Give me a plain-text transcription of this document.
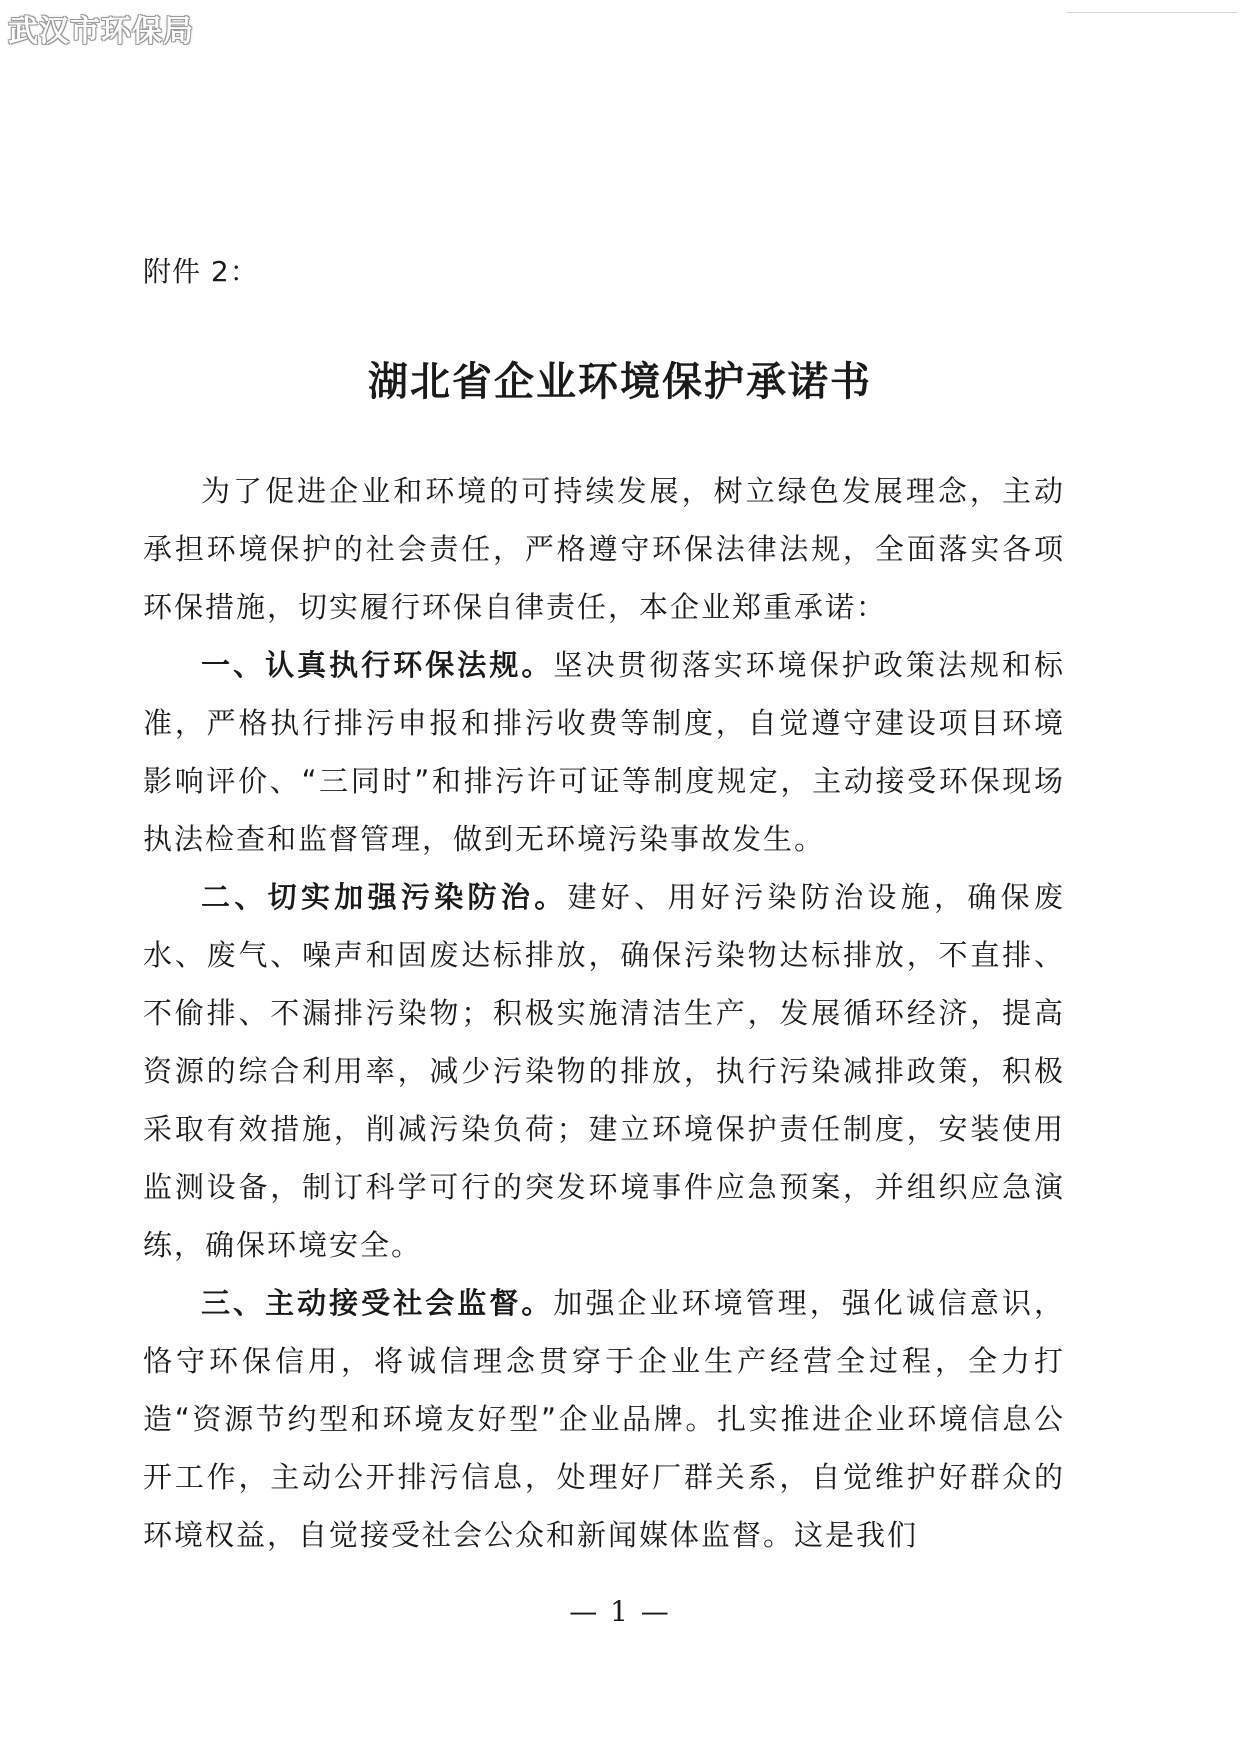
武汉市环保局
附件 2：
湖北省企业环境保护承诺书

为了促进企业和环境的可持续发展，树立绿色发展理念，主动承担环境保护的社会责任，严格遵守环保法律法规，全面落实各项环保措施，切实履行环保自律责任，本企业郑重承诺：

一、认真执行环保法规。坚决贯彻落实环境保护政策法规和标准，严格执行排污申报和排污收费等制度，自觉遵守建设项目环境影响评价、“三同时”和排污许可证等制度规定，主动接受环保现场执法检查和监督管理，做到无环境污染事故发生。

二、切实加强污染防治。建好、用好污染防治设施，确保废水、废气、噪声和固废达标排放，确保污染物达标排放，不直排、不偷排、不漏排污染物；积极实施清洁生产，发展循环经济，提高资源的综合利用率，减少污染物的排放，执行污染减排政策，积极采取有效措施，削减污染负荷；建立环境保护责任制度，安装使用监测设备，制订科学可行的突发环境事件应急预案，并组织应急演练，确保环境安全。

三、主动接受社会监督。加强企业环境管理，强化诚信意识，恪守环保信用，将诚信理念贯穿于企业生产经营全过程，全力打造“资源节约型和环境友好型”企业品牌。扎实推进企业环境信息公开工作，主动公开排污信息，处理好厂群关系，自觉维护好群众的环境权益，自觉接受社会公众和新闻媒体监督。这是我们

— 1 —
